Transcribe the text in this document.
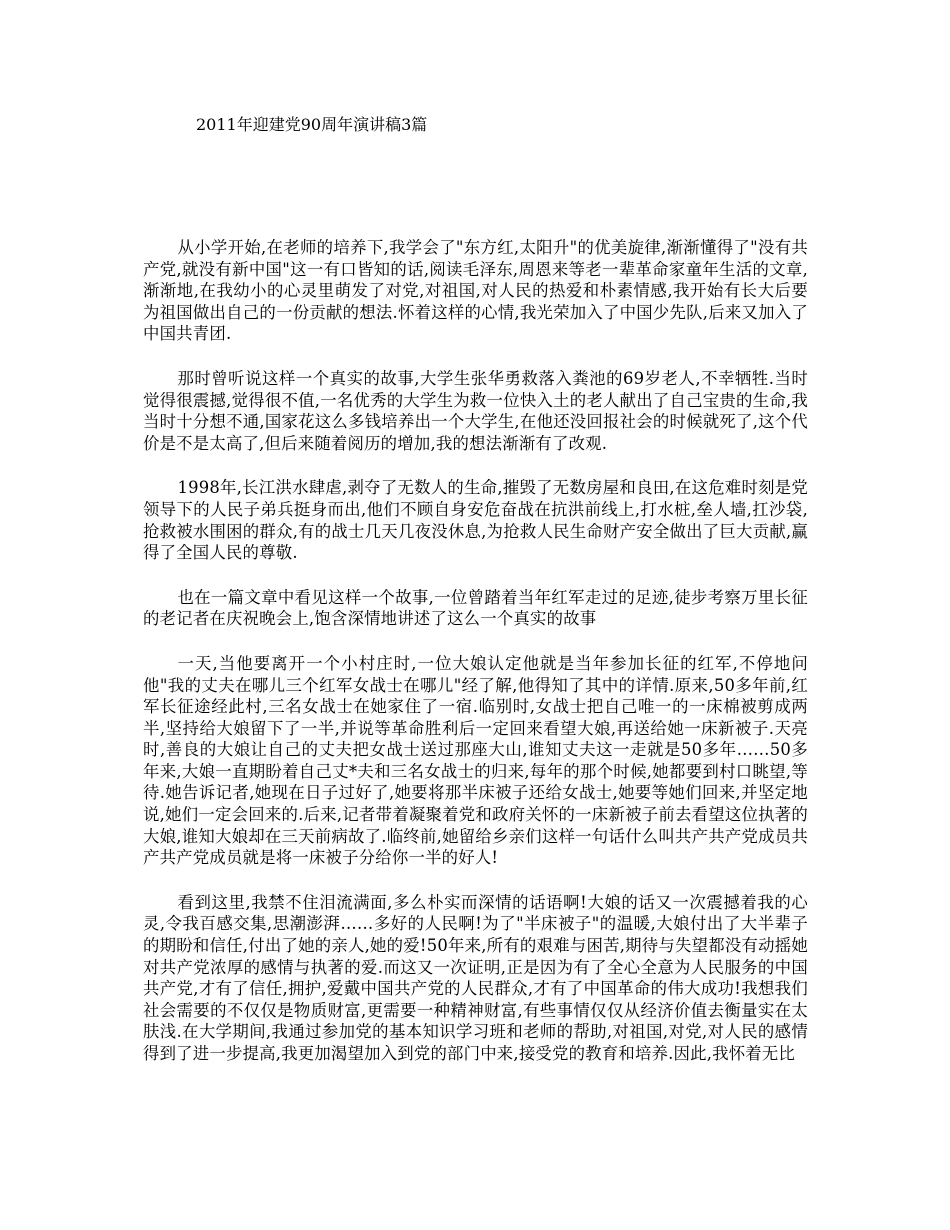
2011年迎建党90周年演讲稿3篇

从小学开始,在老师的培养下,我学会了"东方红,太阳升"的优美旋律,渐渐懂得了"没有共产党,就没有新中国"这一有口皆知的话,阅读毛泽东,周恩来等老一辈革命家童年生活的文章,渐渐地,在我幼小的心灵里萌发了对党,对祖国,对人民的热爱和朴素情感,我开始有长大后要为祖国做出自己的一份贡献的想法.怀着这样的心情,我光荣加入了中国少先队,后来又加入了中国共青团.

那时曾听说这样一个真实的故事,大学生张华勇救落入粪池的69岁老人,不幸牺牲.当时觉得很震撼,觉得很不值,一名优秀的大学生为救一位快入土的老人献出了自己宝贵的生命,我当时十分想不通,国家花这么多钱培养出一个大学生,在他还没回报社会的时候就死了,这个代价是不是太高了,但后来随着阅历的增加,我的想法渐渐有了改观.

1998年,长江洪水肆虐,剥夺了无数人的生命,摧毁了无数房屋和良田,在这危难时刻是党领导下的人民子弟兵挺身而出,他们不顾自身安危奋战在抗洪前线上,打水桩,垒人墙,扛沙袋,抢救被水围困的群众,有的战士几天几夜没休息,为抢救人民生命财产安全做出了巨大贡献,赢得了全国人民的尊敬.

也在一篇文章中看见这样一个故事,一位曾踏着当年红军走过的足迹,徒步考察万里长征的老记者在庆祝晚会上,饱含深情地讲述了这么一个真实的故事

一天,当他要离开一个小村庄时,一位大娘认定他就是当年参加长征的红军,不停地问他"我的丈夫在哪儿三个红军女战士在哪儿"经了解,他得知了其中的详情.原来,50多年前,红军长征途经此村,三名女战士在她家住了一宿.临别时,女战士把自己唯一的一床棉被剪成两半,坚持给大娘留下了一半,并说等革命胜利后一定回来看望大娘,再送给她一床新被子.天亮时,善良的大娘让自己的丈夫把女战士送过那座大山,谁知丈夫这一走就是50多年……50多年来,大娘一直期盼着自己丈*夫和三名女战士的归来,每年的那个时候,她都要到村口眺望,等待.她告诉记者,她现在日子过好了,她要将那半床被子还给女战士,她要等她们回来,并坚定地说,她们一定会回来的.后来,记者带着凝聚着党和政府关怀的一床新被子前去看望这位执著的大娘,谁知大娘却在三天前病故了.临终前,她留给乡亲们这样一句话什么叫共产共产党成员共产共产党成员就是将一床被子分给你一半的好人!

看到这里,我禁不住泪流满面,多么朴实而深情的话语啊!大娘的话又一次震撼着我的心灵,令我百感交集,思潮澎湃……多好的人民啊!为了"半床被子"的温暖,大娘付出了大半辈子的期盼和信任,付出了她的亲人,她的爱!50年来,所有的艰难与困苦,期待与失望都没有动摇她对共产党浓厚的感情与执著的爱.而这又一次证明,正是因为有了全心全意为人民服务的中国共产党,才有了信任,拥护,爱戴中国共产党的人民群众,才有了中国革命的伟大成功!我想我们社会需要的不仅仅是物质财富,更需要一种精神财富,有些事情仅仅从经济价值去衡量实在太肤浅.在大学期间,我通过参加党的基本知识学习班和老师的帮助,对祖国,对党,对人民的感情得到了进一步提高,我更加渴望加入到党的部门中来,接受党的教育和培养.因此,我怀着无比
